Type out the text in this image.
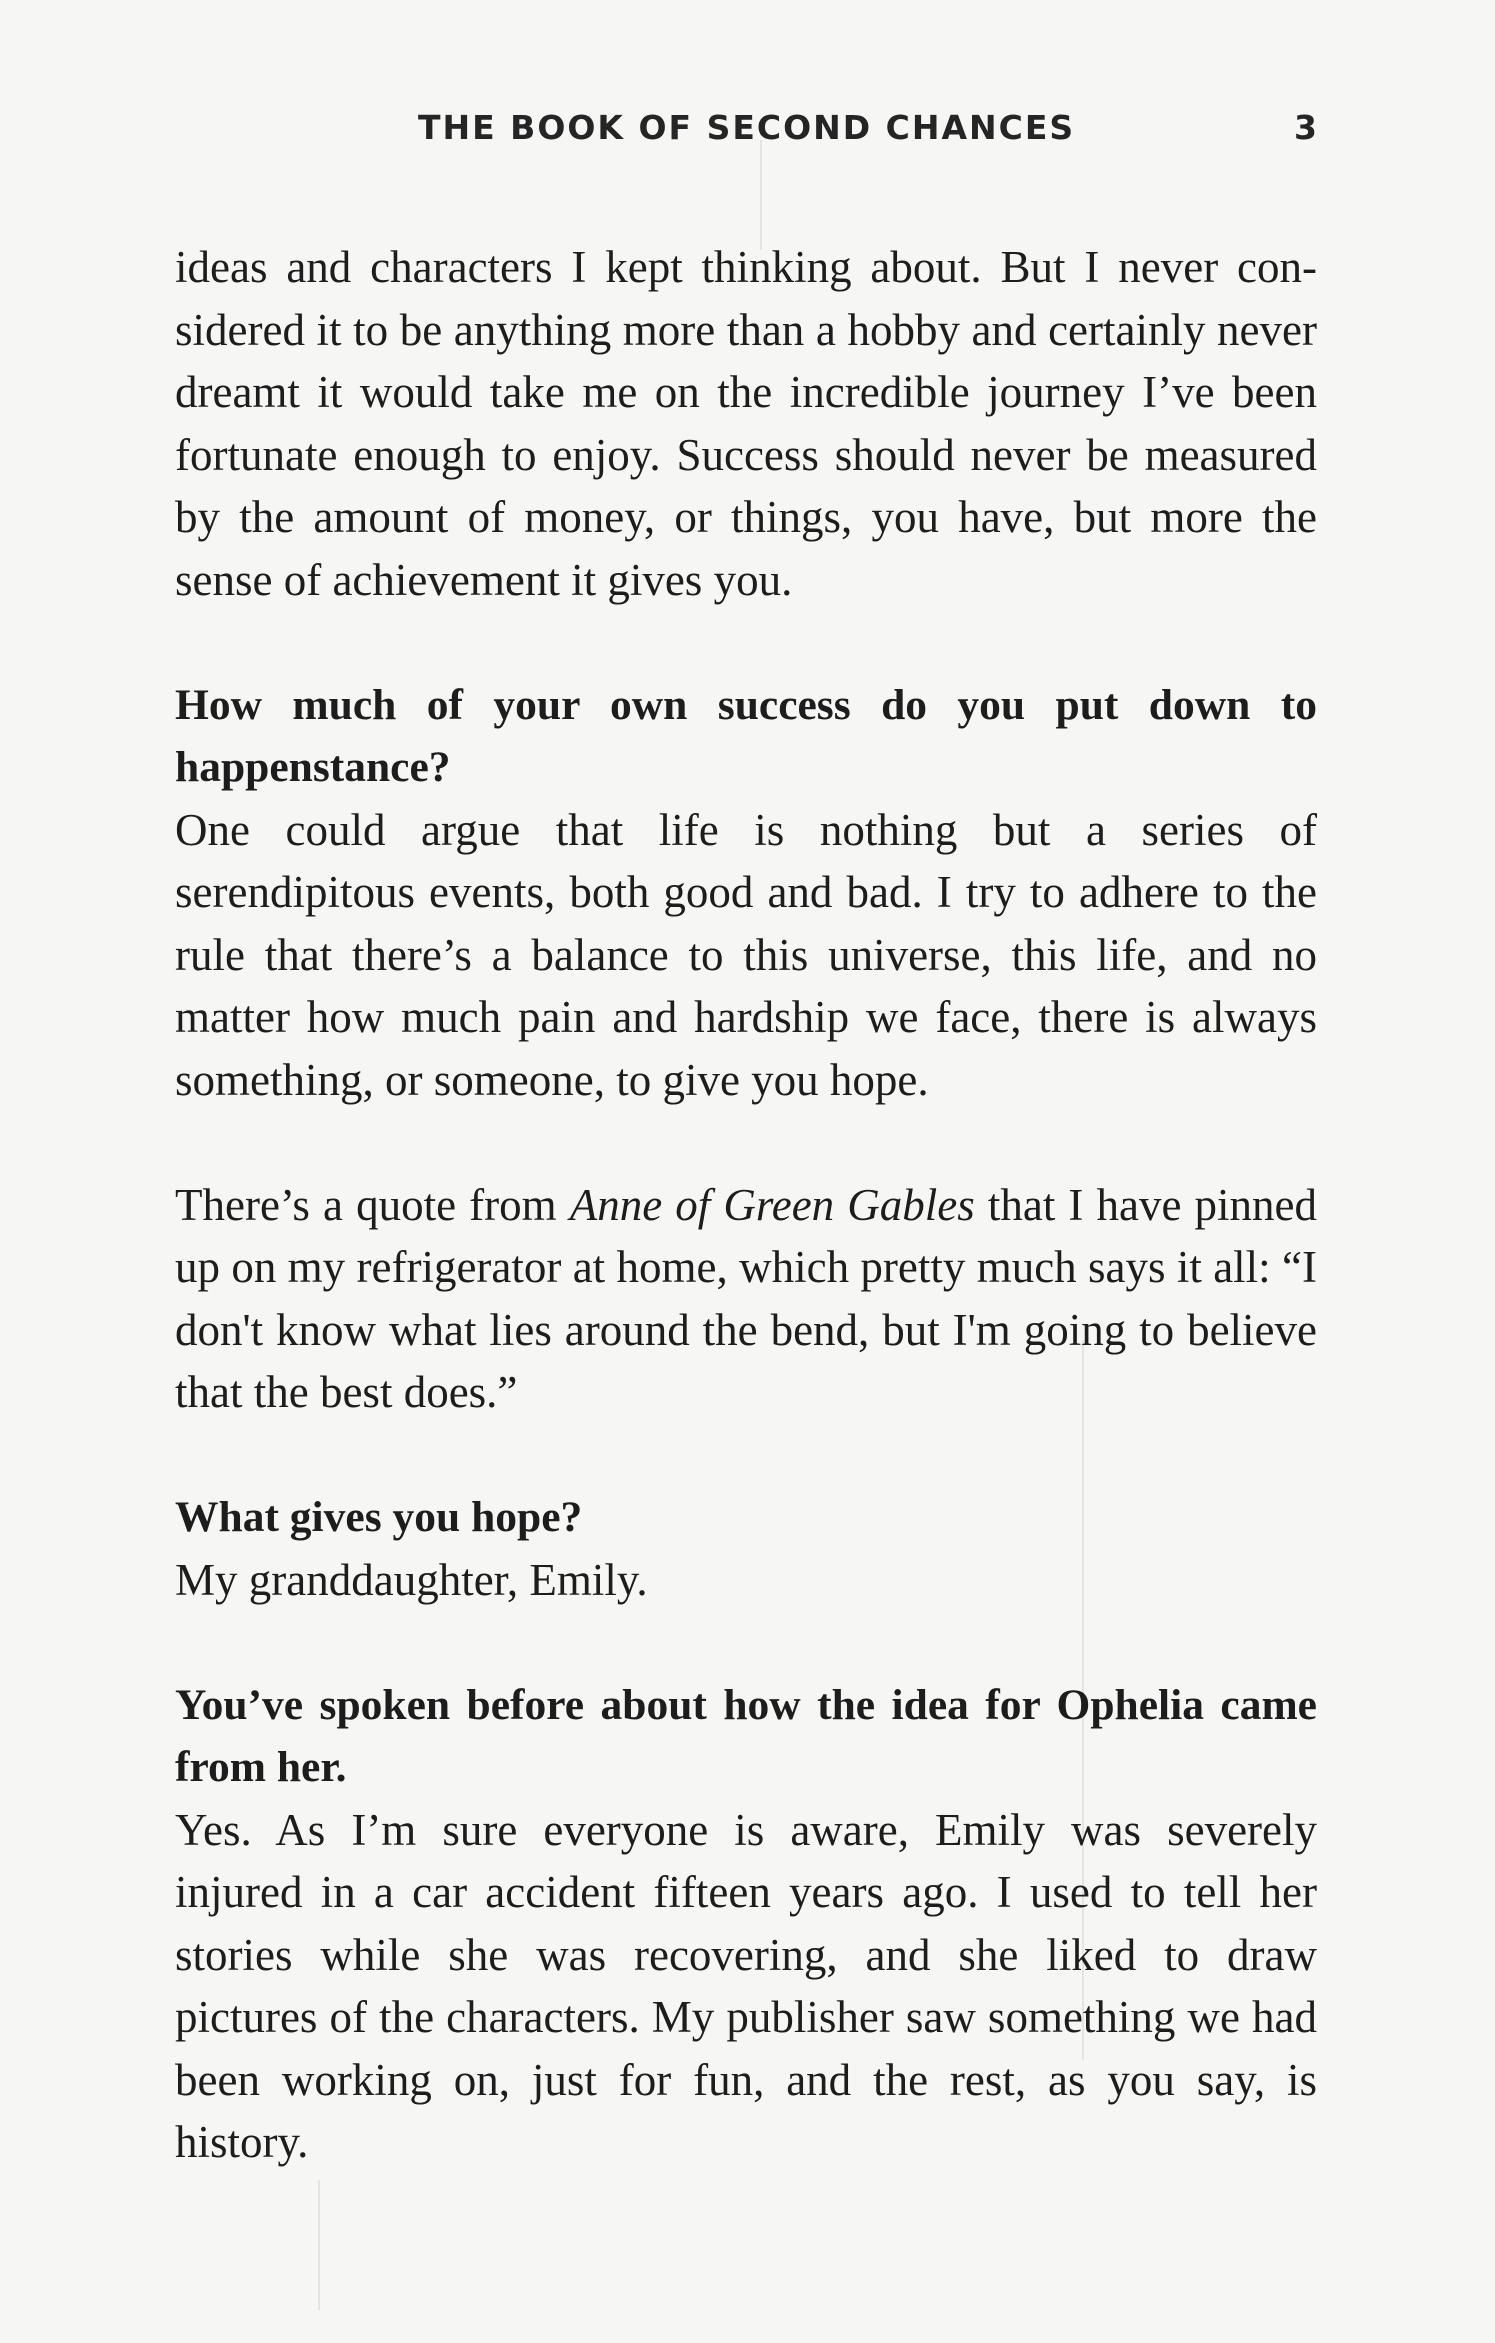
THE BOOK OF SECOND CHANCES	3

ideas and characters I kept thinking about. But I never con-sidered it to be anything more than a hobby and certainly never dreamt it would take me on the incredible journey I’ve been fortunate enough to enjoy. Success should never be measured by the amount of money, or things, you have, but more the sense of achievement it gives you.

How much of your own success do you put down to happenstance?

One could argue that life is nothing but a series of serendipitous events, both good and bad. I try to adhere to the rule that there’s a balance to this universe, this life, and no matter how much pain and hardship we face, there is always something, or someone, to give you hope.

There’s a quote from Anne of Green Gables that I have pinned up on my refrigerator at home, which pretty much says it all: “I don't know what lies around the bend, but I'm going to believe that the best does.”

What gives you hope?

My granddaughter, Emily.

You’ve spoken before about how the idea for Ophelia came from her.

Yes. As I’m sure everyone is aware, Emily was severely injured in a car accident fifteen years ago. I used to tell her stories while she was recovering, and she liked to draw pictures of the characters. My publisher saw something we had been working on, just for fun, and the rest, as you say, is history.
